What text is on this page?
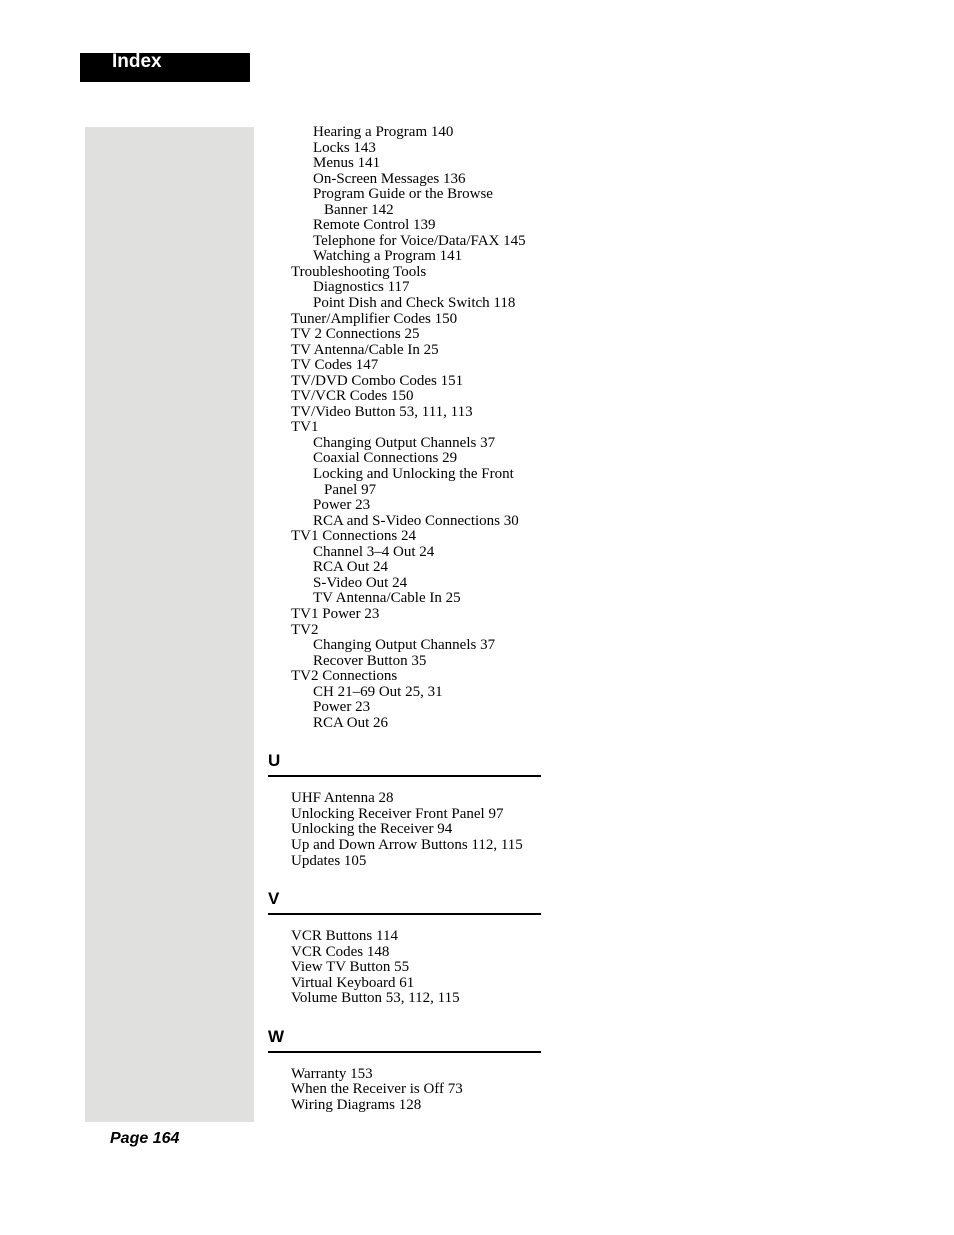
Index
Hearing a Program 140
Locks 143
Menus 141
On-Screen Messages 136
Program Guide or the Browse
Banner 142
Remote Control 139
Telephone for Voice/Data/FAX 145
Watching a Program 141
Troubleshooting Tools
Diagnostics 117
Point Dish and Check Switch 118
Tuner/Amplifier Codes 150
TV 2 Connections 25
TV Antenna/Cable In 25
TV Codes 147
TV/DVD Combo Codes 151
TV/VCR Codes 150
TV/Video Button 53, 111, 113
TV1
Changing Output Channels 37
Coaxial Connections 29
Locking and Unlocking the Front
Panel 97
Power 23
RCA and S-Video Connections 30
TV1 Connections 24
Channel 3–4 Out 24
RCA Out 24
S-Video Out 24
TV Antenna/Cable In 25
TV1 Power 23
TV2
Changing Output Channels 37
Recover Button 35
TV2 Connections
CH 21–69 Out 25, 31
Power 23
RCA Out 26
U
UHF Antenna 28
Unlocking Receiver Front Panel 97
Unlocking the Receiver 94
Up and Down Arrow Buttons 112, 115
Updates 105
V
VCR Buttons 114
VCR Codes 148
View TV Button 55
Virtual Keyboard 61
Volume Button 53, 112, 115
W
Warranty 153
When the Receiver is Off 73
Wiring Diagrams 128
Page 164
